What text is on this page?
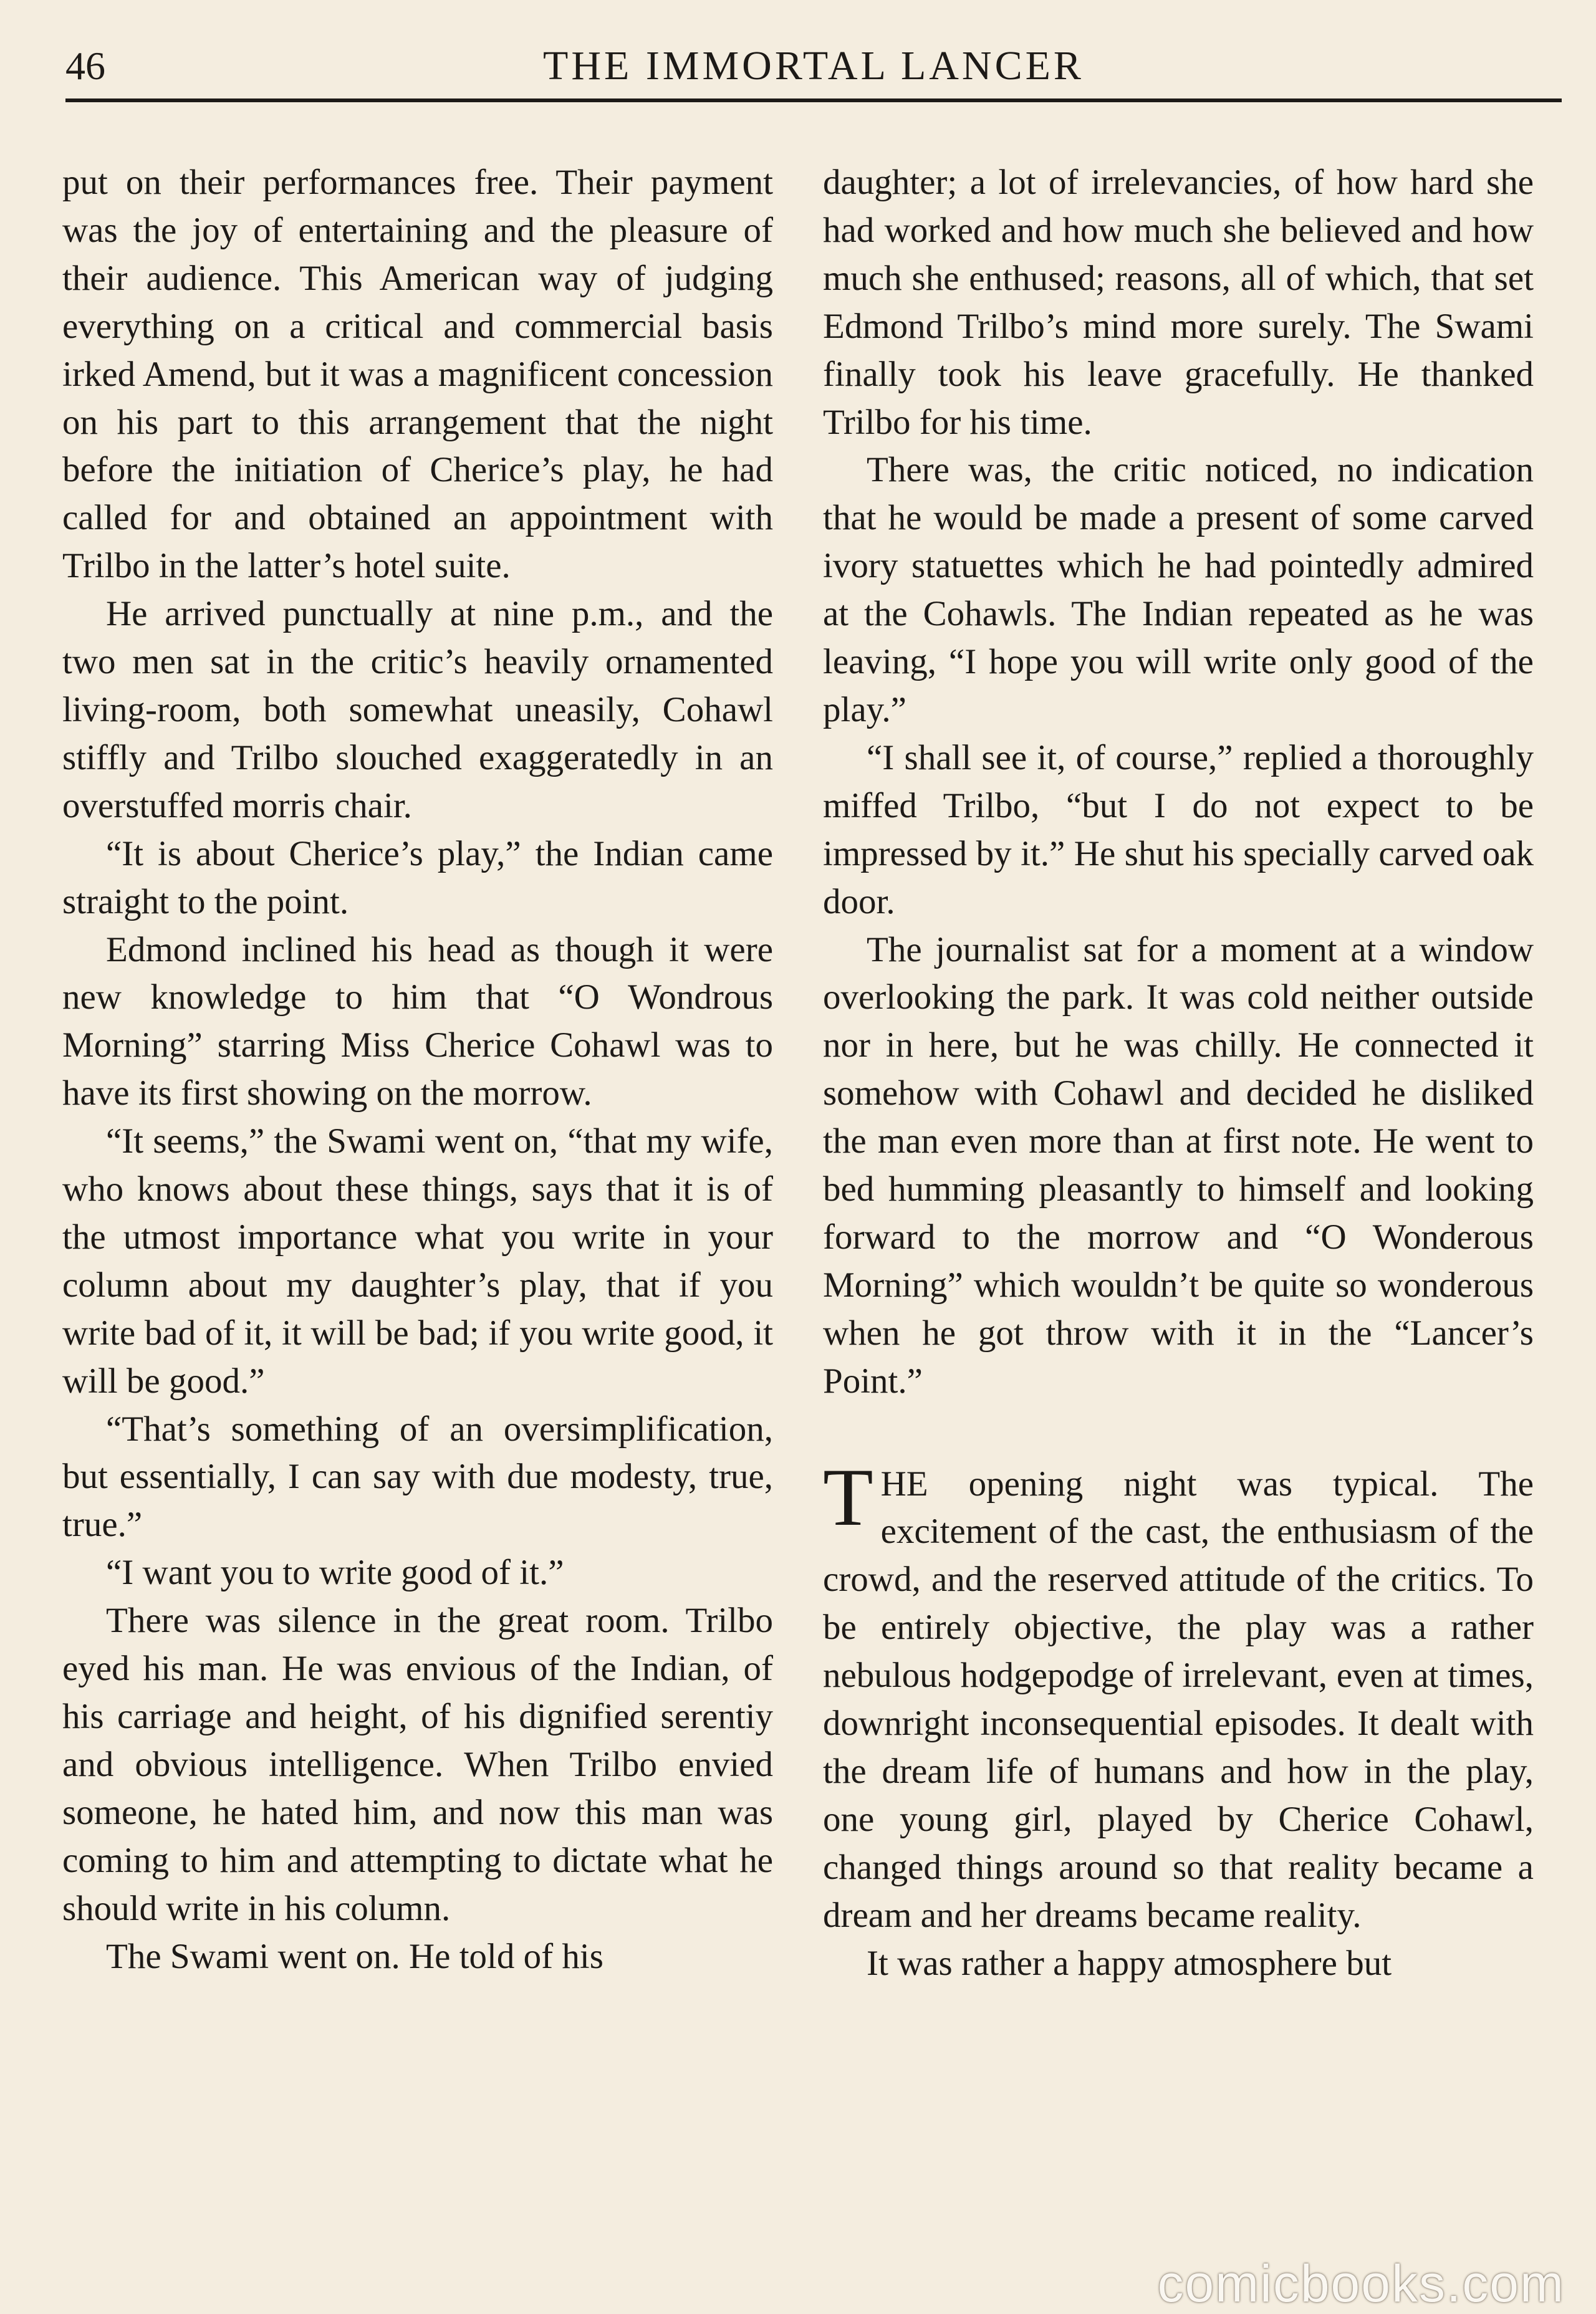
46	THE IMMORTAL LANCER

put on their performances free. Their payment was the joy of entertaining and the pleasure of their audience. This American way of judging everything on a critical and commercial basis irked Amend, but it was a magnificent concession on his part to this arrangement that the night before the initiation of Cherice’s play, he had called for and obtained an appointment with Trilbo in the latter’s hotel suite.

He arrived punctually at nine p.m., and the two men sat in the critic’s heavily ornamented living-room, both somewhat uneasily, Cohawl stiffly and Trilbo slouched exaggeratedly in an overstuffed morris chair.

“It is about Cherice’s play,” the Indian came straight to the point.

Edmond inclined his head as though it were new knowledge to him that “O Wondrous Morning” starring Miss Cherice Cohawl was to have its first showing on the morrow.

“It seems,” the Swami went on, “that my wife, who knows about these things, says that it is of the utmost importance what you write in your column about my daughter’s play, that if you write bad of it, it will be bad; if you write good, it will be good.”

“That’s something of an oversimplification, but essentially, I can say with due modesty, true, true.”

“I want you to write good of it.”

There was silence in the great room. Trilbo eyed his man. He was envious of the Indian, of his carriage and height, of his dignified serentiy and obvious intelligence. When Trilbo envied someone, he hated him, and now this man was coming to him and attempting to dictate what he should write in his column.

The Swami went on. He told of his

daughter; a lot of irrelevancies, of how hard she had worked and how much she believed and how much she enthused; reasons, all of which, that set Edmond Trilbo’s mind more surely. The Swami finally took his leave gracefully. He thanked Trilbo for his time.

There was, the critic noticed, no indication that he would be made a present of some carved ivory statuettes which he had pointedly admired at the Cohawls. The Indian repeated as he was leaving, “I hope you will write only good of the play.”

“I shall see it, of course,” replied a thoroughly miffed Trilbo, “but I do not expect to be impressed by it.” He shut his specially carved oak door.

The journalist sat for a moment at a window overlooking the park. It was cold neither outside nor in here, but he was chilly. He connected it somehow with Cohawl and decided he disliked the man even more than at first note. He went to bed humming pleasantly to himself and looking forward to the morrow and “O Wonderous Morning” which wouldn’t be quite so wonderous when he got throw with it in the “Lancer’s Point.”

THE opening night was typical. The excitement of the cast, the enthusiasm of the crowd, and the reserved attitude of the critics. To be entirely objective, the play was a rather nebulous hodgepodge of irrelevant, even at times, downright inconsequential episodes. It dealt with the dream life of humans and how in the play, one young girl, played by Cherice Cohawl, changed things around so that reality became a dream and her dreams became reality.

It was rather a happy atmosphere but

comicbooks.com
